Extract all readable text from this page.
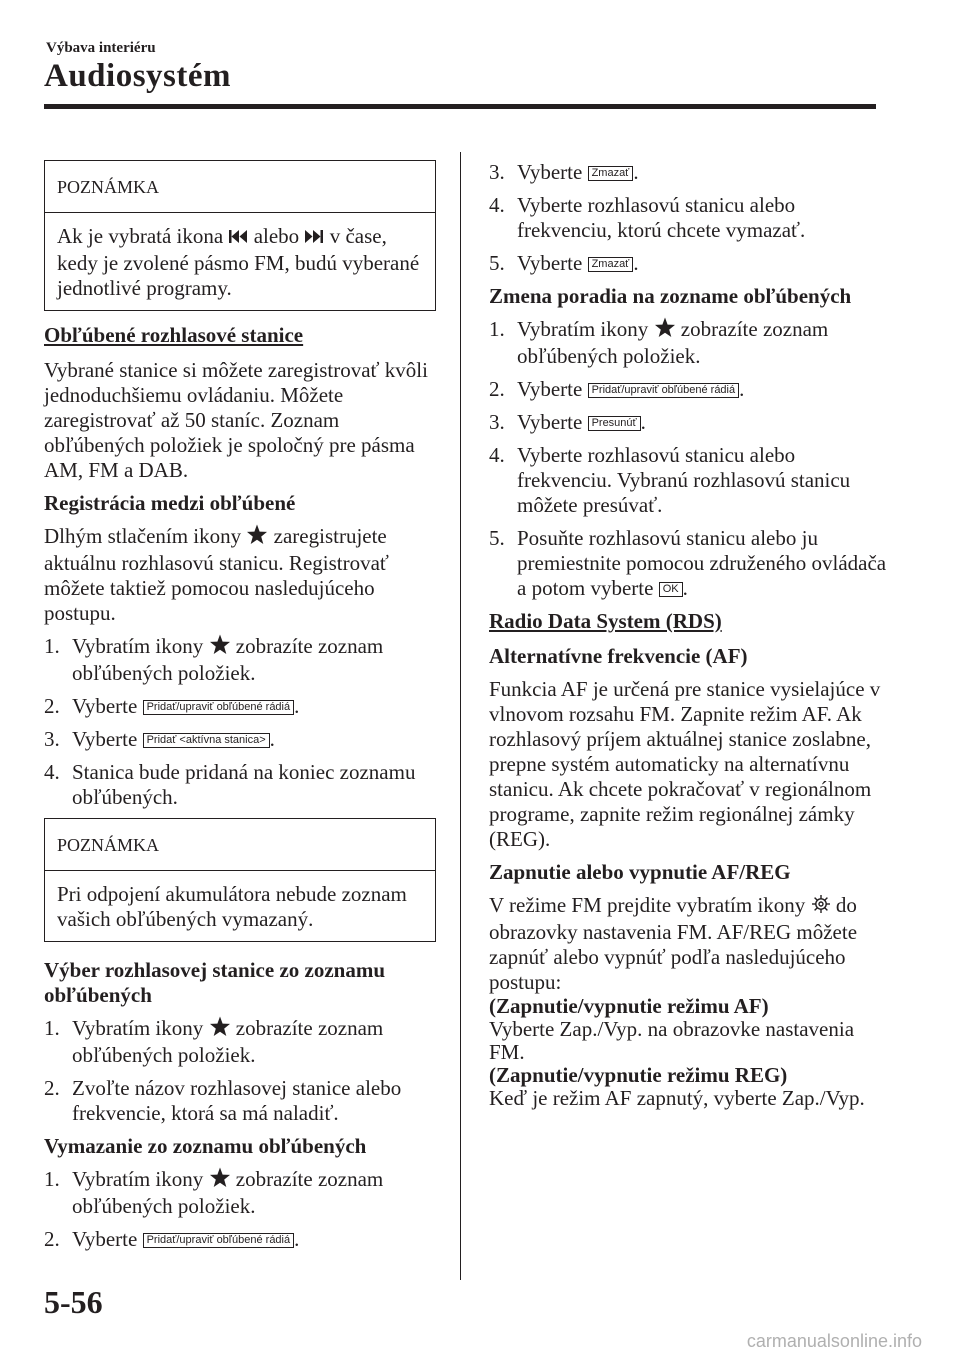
Výbava interiéru
Audiosystém
POZNÁMKA
Ak je vybratá ikona alebo v čase, kedy je zvolené pásmo FM, budú vyberané jednotlivé programy.

Obľúbené rozhlasové stanice

Vybrané stanice si môžete zaregistrovať kvôli jednoduchšiemu ovládaniu. Môžete zaregistrovať až 50 staníc. Zoznam obľúbených položiek je spoločný pre pásma AM, FM a DAB.

Registrácia medzi obľúbené

Dlhým stlačením ikony zaregistrujete aktuálnu rozhlasovú stanicu. Registrovať môžete taktiež pomocou nasledujúceho postupu.

1. Vybratím ikony zobrazíte zoznam obľúbených položiek.
2. Vyberte Pridať/upraviť obľúbené rádiá .
3. Vyberte Pridať <aktívna stanica> .
4. Stanica bude pridaná na koniec zoznamu obľúbených.
POZNÁMKA
Pri odpojení akumulátora nebude zoznam vašich obľúbených vymazaný.

Výber rozhlasovej stanice zo zoznamu obľúbených

1. Vybratím ikony zobrazíte zoznam obľúbených položiek.
2. Zvoľte názov rozhlasovej stanice alebo frekvencie, ktorá sa má naladiť.

Vymazanie zo zoznamu obľúbených

1. Vybratím ikony zobrazíte zoznam obľúbených položiek.
2. Vyberte Pridať/upraviť obľúbené rádiá .
3. Vyberte Zmazať .
4. Vyberte rozhlasovú stanicu alebo frekvenciu, ktorú chcete vymazať.
5. Vyberte Zmazať .

Zmena poradia na zozname obľúbených

1. Vybratím ikony zobrazíte zoznam obľúbených položiek.
2. Vyberte Pridať/upraviť obľúbené rádiá .
3. Vyberte Presunúť .
4. Vyberte rozhlasovú stanicu alebo frekvenciu. Vybranú rozhlasovú stanicu môžete presúvať.
5. Posuňte rozhlasovú stanicu alebo ju premiestnite pomocou združeného ovládača a potom vyberte OK .

Radio Data System (RDS)

Alternatívne frekvencie (AF)

Funkcia AF je určená pre stanice vysielajúce v vlnovom rozsahu FM. Zapnite režim AF. Ak rozhlasový príjem aktuálnej stanice zoslabne, prepne systém automaticky na alternatívnu stanicu. Ak chcete pokračovať v regionálnom programe, zapnite režim regionálnej zámky (REG).

Zapnutie alebo vypnutie AF/REG

V režime FM prejdite vybratím ikony do obrazovky nastavenia FM. AF/REG môžete zapnúť alebo vypnúť podľa nasledujúceho postupu:

(Zapnutie/vypnutie režimu AF)

Vyberte Zap./Vyp. na obrazovke nastavenia FM.

(Zapnutie/vypnutie režimu REG)

Keď je režim AF zapnutý, vyberte Zap./Vyp.

5-56
carmanualsonline.info
